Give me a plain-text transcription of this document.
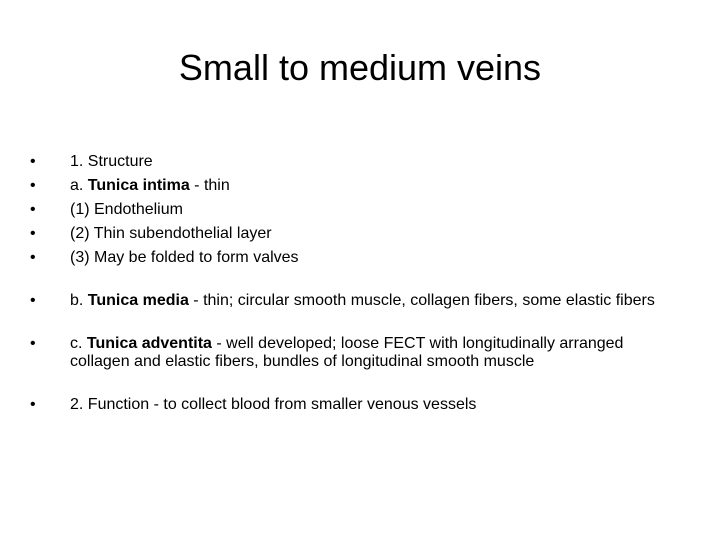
Small to medium veins
•	1. Structure
•	a. Tunica intima - thin
•	(1) Endothelium
•	(2) Thin subendothelial layer
•	(3) May be folded to form valves
•	b. Tunica media - thin; circular smooth muscle, collagen fibers, some elastic fibers
•	c. Tunica adventita - well developed; loose FECT with longitudinally arranged collagen and elastic fibers, bundles of longitudinal smooth muscle
•	2. Function - to collect blood from smaller venous vessels
